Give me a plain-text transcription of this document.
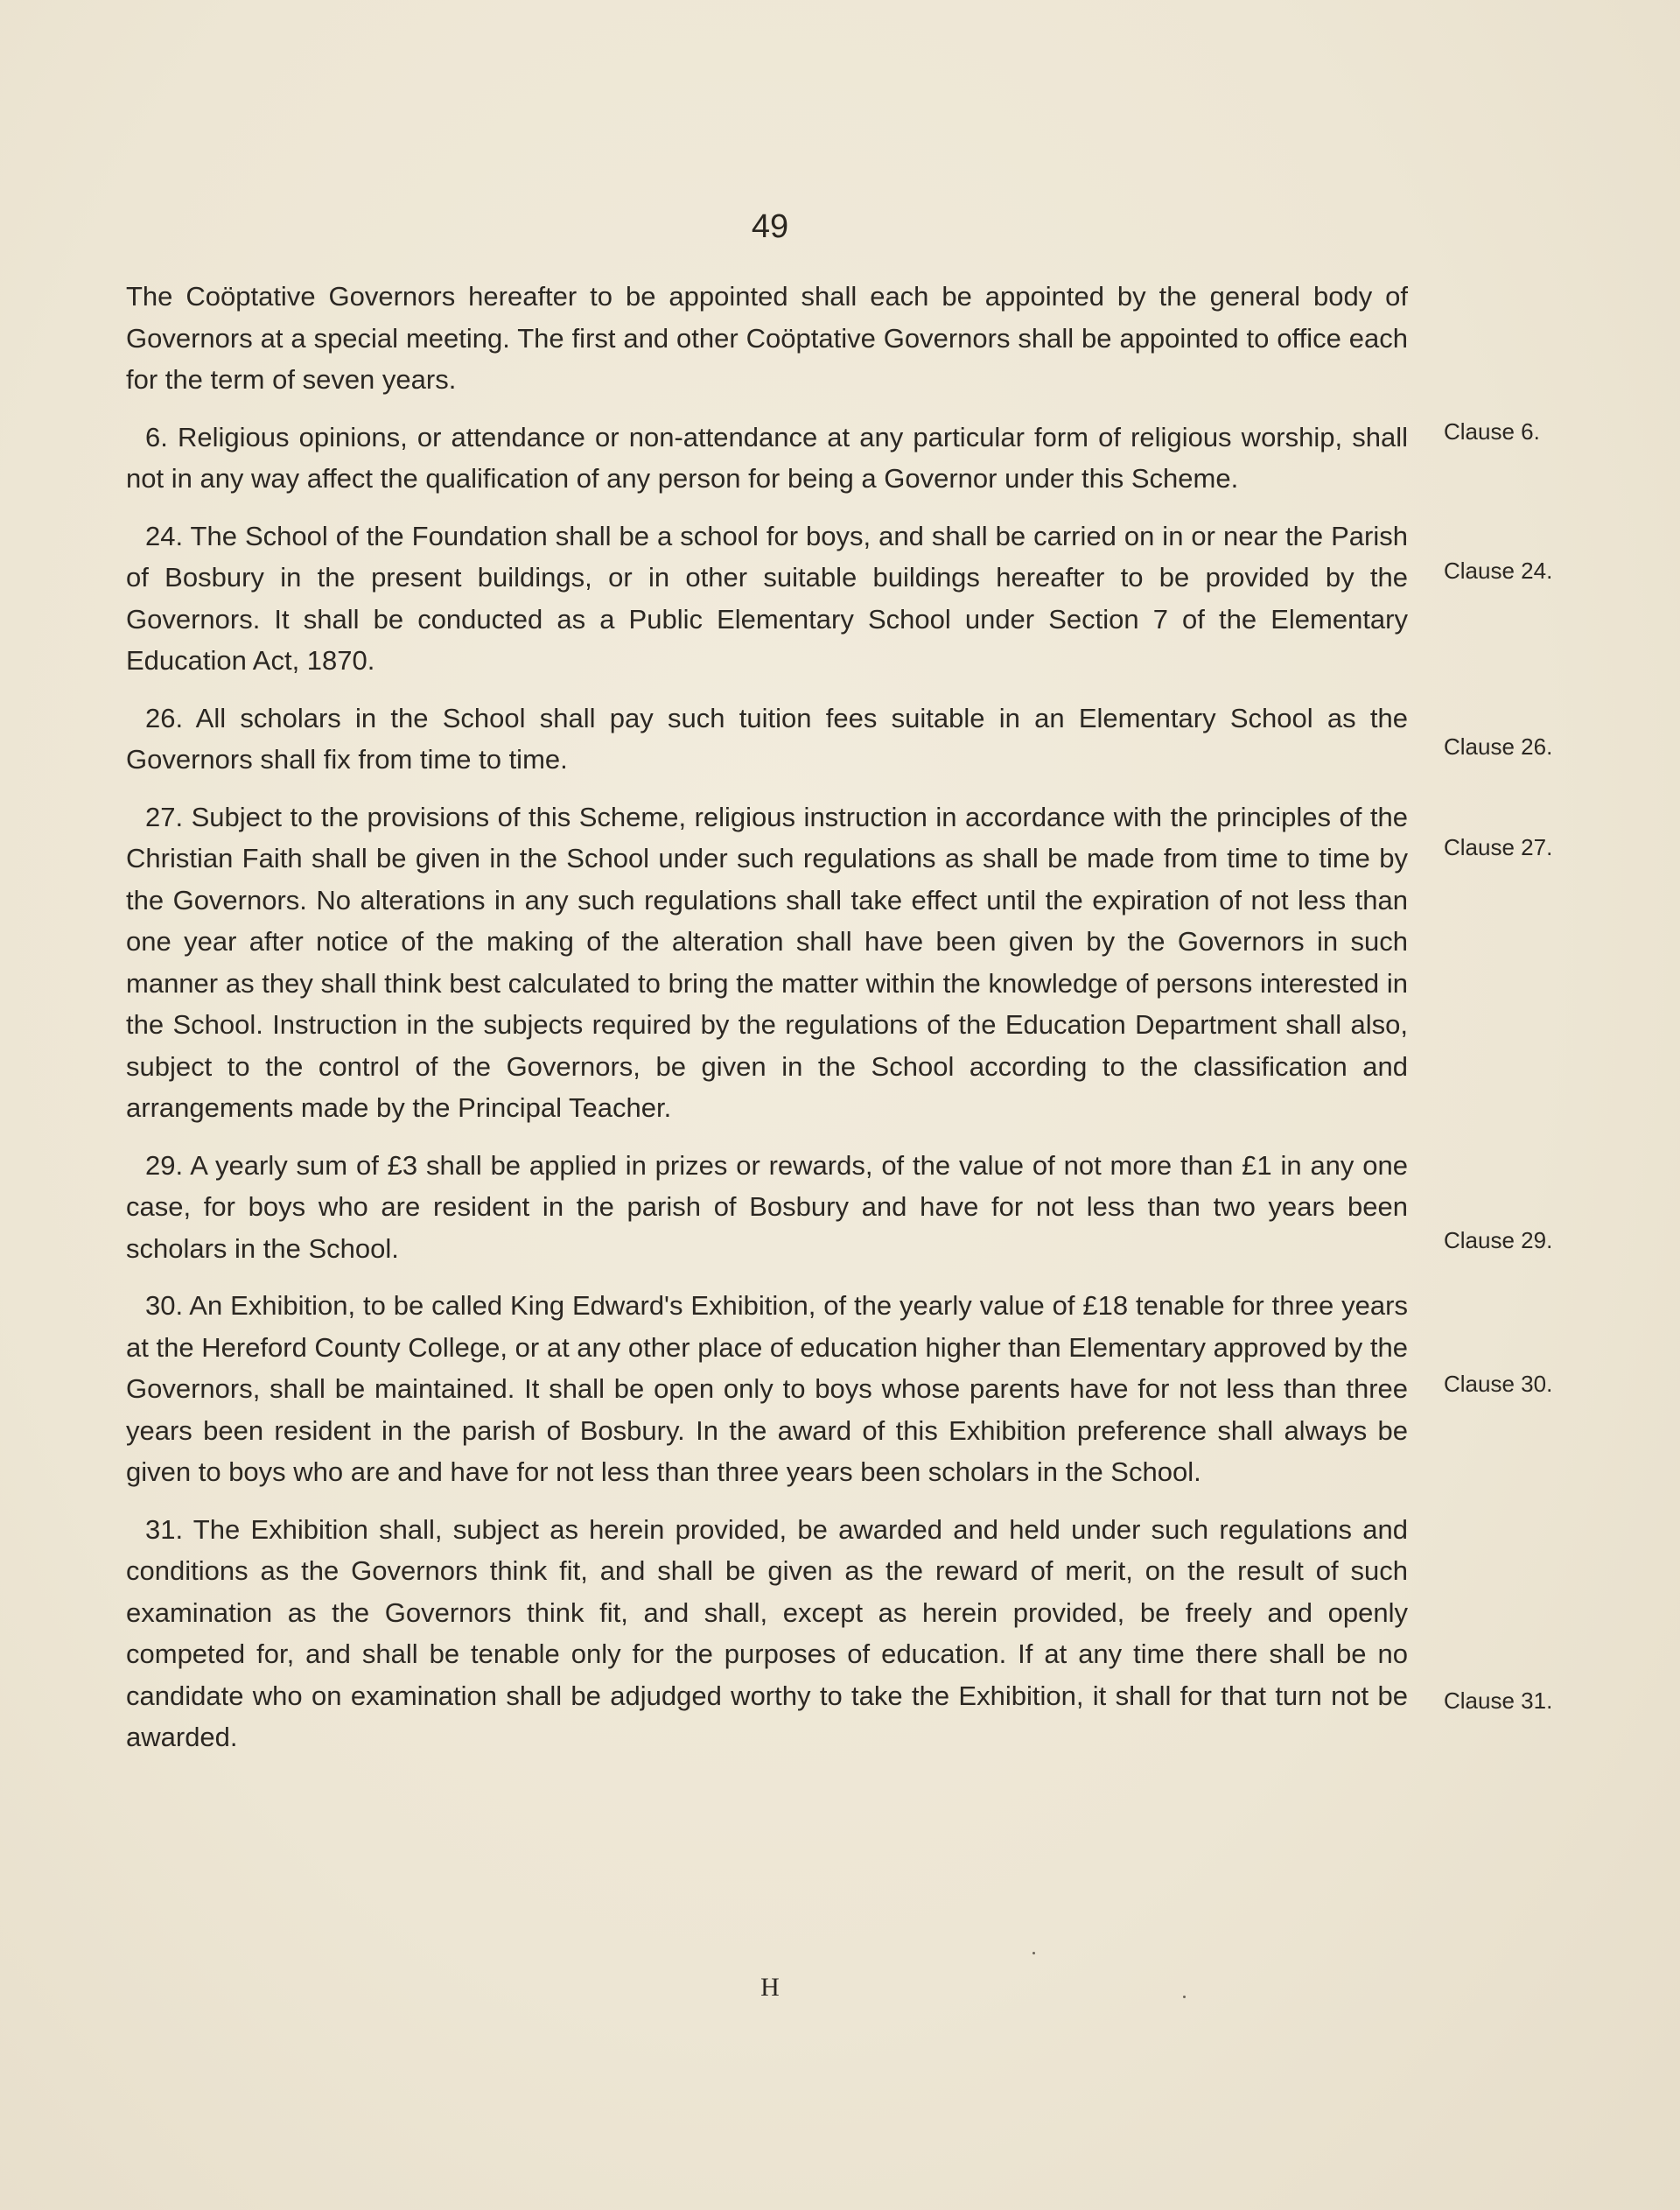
49

The Coöptative Governors hereafter to be appointed shall each be appointed by the general body of Governors at a special meeting. The first and other Coöptative Governors shall be appointed to office each for the term of seven years.

6. Religious opinions, or attendance or non-attendance at any particular form of religious worship, shall not in any way affect the qualification of any person for being a Governor under this Scheme.

24. The School of the Foundation shall be a school for boys, and shall be carried on in or near the Parish of Bosbury in the present buildings, or in other suitable buildings hereafter to be provided by the Governors. It shall be conducted as a Public Elementary School under Section 7 of the Elementary Education Act, 1870.

26. All scholars in the School shall pay such tuition fees suitable in an Elementary School as the Governors shall fix from time to time.

27. Subject to the provisions of this Scheme, religious instruction in accordance with the principles of the Christian Faith shall be given in the School under such regulations as shall be made from time to time by the Governors. No alterations in any such regulations shall take effect until the expiration of not less than one year after notice of the making of the alteration shall have been given by the Governors in such manner as they shall think best calculated to bring the matter within the knowledge of persons interested in the School. Instruction in the subjects required by the regulations of the Education Department shall also, subject to the control of the Governors, be given in the School according to the classification and arrangements made by the Principal Teacher.

29. A yearly sum of £3 shall be applied in prizes or rewards, of the value of not more than £1 in any one case, for boys who are resident in the parish of Bosbury and have for not less than two years been scholars in the School.

30. An Exhibition, to be called King Edward's Exhibition, of the yearly value of £18 tenable for three years at the Hereford County College, or at any other place of education higher than Elementary approved by the Governors, shall be maintained. It shall be open only to boys whose parents have for not less than three years been resident in the parish of Bosbury. In the award of this Exhibition preference shall always be given to boys who are and have for not less than three years been scholars in the School.

31. The Exhibition shall, subject as herein provided, be awarded and held under such regulations and conditions as the Governors think fit, and shall be given as the reward of merit, on the result of such examination as the Governors think fit, and shall, except as herein provided, be freely and openly competed for, and shall be tenable only for the purposes of education. If at any time there shall be no candidate who on examination shall be adjudged worthy to take the Exhibition, it shall for that turn not be awarded.

Clause 6.
Clause 24.
Clause 26.
Clause 27.
Clause 29.
Clause 30.
Clause 31.
H
